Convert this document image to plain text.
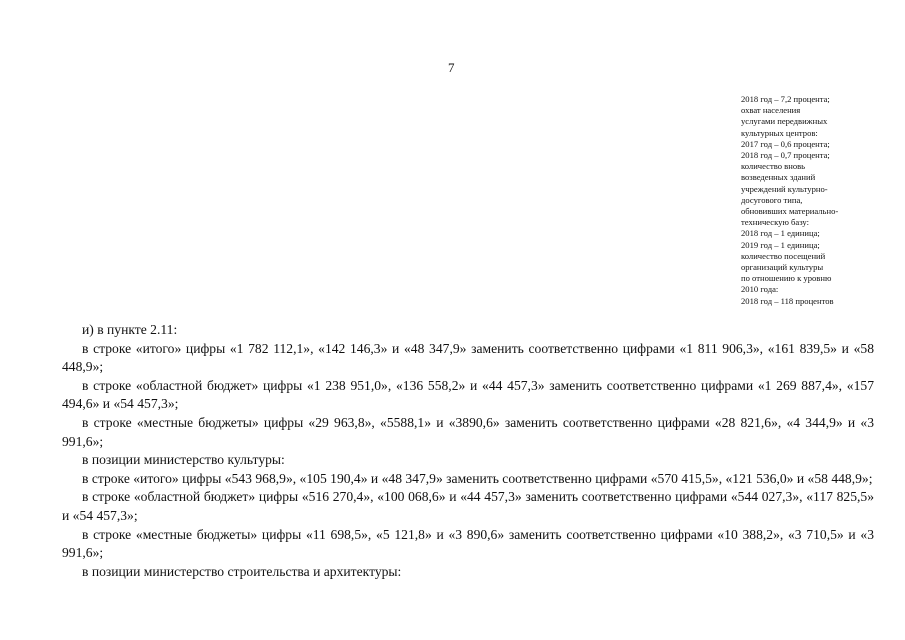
7
2018 год – 7,2 процента;
охват населения
услугами передвижных
культурных центров:
2017 год – 0,6 процента;
2018 год – 0,7 процента;
количество вновь
возведенных зданий
учреждений культурно-
досугового типа,
обновивших материально-
техническую базу:
2018 год – 1 единица;
2019 год – 1 единица;
количество посещений
организаций культуры
по отношению к уровню
2010 года:
2018 год – 118 процентов

и) в пункте 2.11:

в строке «итого» цифры «1 782 112,1», «142 146,3» и «48 347,9» заменить соответственно цифрами «1 811 906,3», «161 839,5» и «58 448,9»;

в строке «областной бюджет» цифры «1 238 951,0», «136 558,2» и «44 457,3» заменить соответственно цифрами «1 269 887,4», «157 494,6» и «54 457,3»;

в строке «местные бюджеты» цифры «29 963,8», «5588,1» и «3890,6» заменить соответственно цифрами «28 821,6», «4 344,9» и «3 991,6»;

в позиции министерство культуры:

в строке «итого» цифры «543 968,9», «105 190,4» и «48 347,9» заменить соответственно цифрами «570 415,5», «121 536,0» и «58 448,9»;

в строке «областной бюджет» цифры «516 270,4», «100 068,6» и «44 457,3» заменить соответственно цифрами «544 027,3», «117 825,5» и «54 457,3»;

в строке «местные бюджеты» цифры «11 698,5», «5 121,8» и «3 890,6» заменить соответственно цифрами «10 388,2», «3 710,5» и «3 991,6»;

в позиции министерство строительства и архитектуры:
